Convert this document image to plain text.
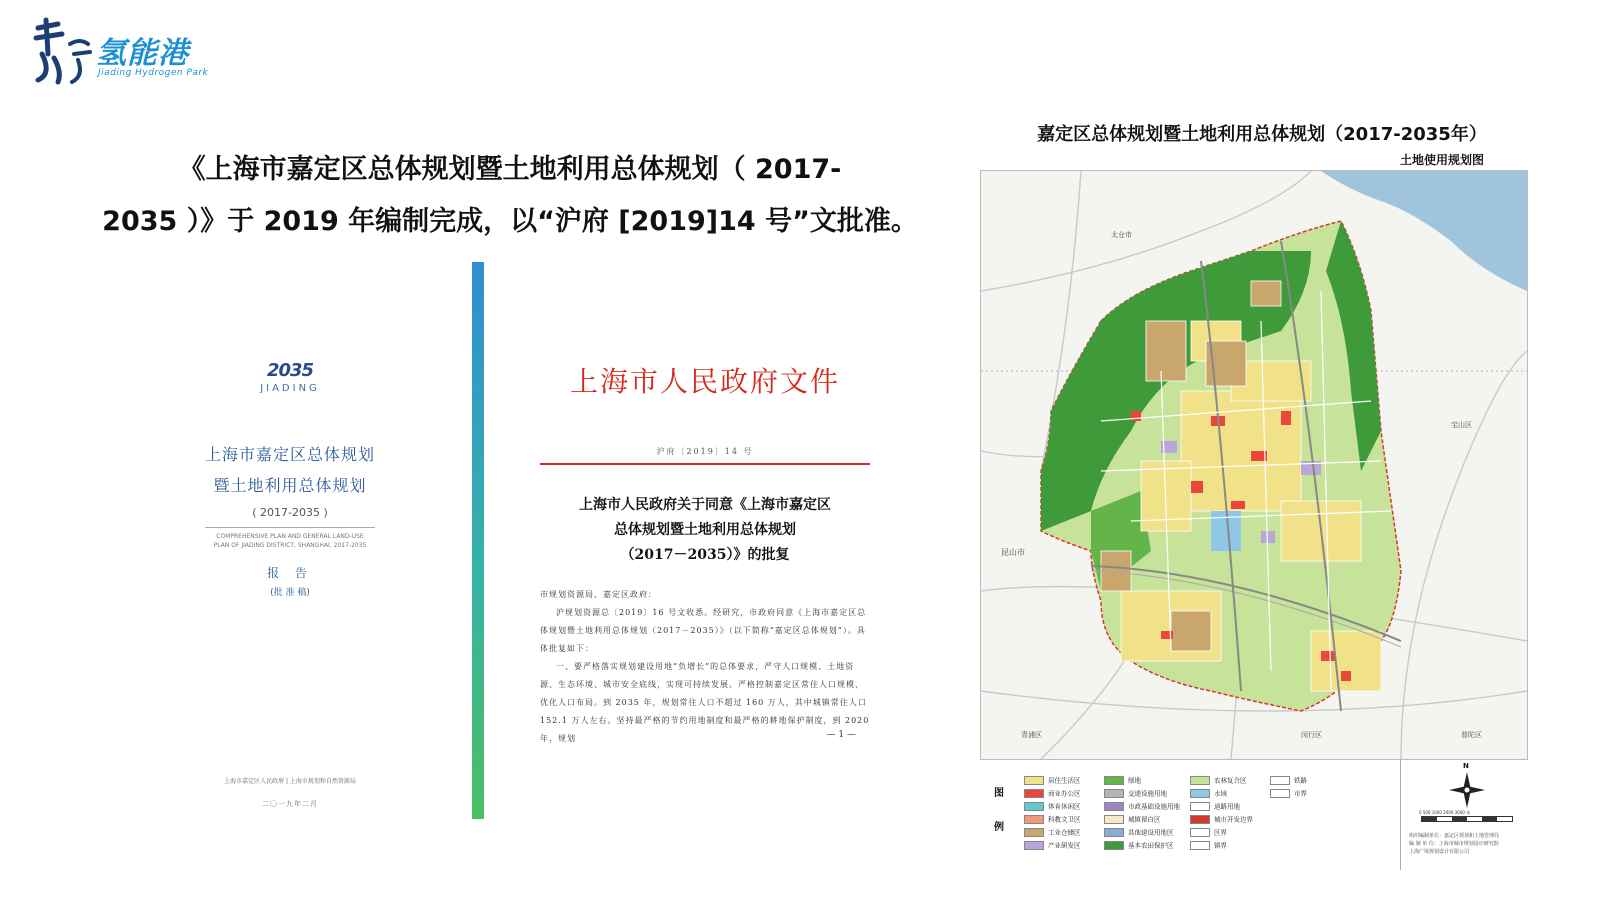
氢能港
Jiading Hydrogen Park
《上海市嘉定区总体规划暨土地利用总体规划（ 2017-
2035 ）》于 2019 年编制完成，以“沪府 [2019]14 号”文批准。
2035
JIADING
上海市嘉定区总体规划
暨土地利用总体规划
( 2017-2035 )
COMPREHENSIVE PLAN AND GENERAL LAND-USE PLAN OF JIADING DISTRICT, SHANGHAI, 2017-2035
报 告
(批 准 稿)
上海市嘉定区人民政府 | 上海市规划和自然资源局
二〇一九年二月
上海市人民政府文件
沪府〔2019〕14 号
上海市人民政府关于同意《上海市嘉定区
总体规划暨土地利用总体规划
（2017－2035）》的批复
市规划资源局、嘉定区政府：
沪规划资源总〔2019〕16 号文收悉。经研究，市政府同意《上海市嘉定区总体规划暨土地利用总体规划（2017－2035）》（以下简称“嘉定区总体规划”）。具体批复如下：
一、要严格落实规划建设用地“负增长”的总体要求，严守人口规模、土地资源、生态环境、城市安全底线，实现可持续发展。严格控制嘉定区常住人口规模，优化人口布局。到 2035 年，规划常住人口不超过 160 万人，其中城镇常住人口 152.1 万人左右。坚持最严格的节约用地制度和最严格的耕地保护制度，到 2020 年，规划	— 1 —
嘉定区总体规划暨土地利用总体规划（2017-2035年）
土地使用规划图
太仓市
昆山市
青浦区	闵行区	普陀区
宝山区
图
例
居住生活区
商业办公区
体育休闲区
科教文卫区
工业仓储区
产业研发区
绿地
交通设施用地
市政基础设施用地
城镇留白区
其他建设用地区
基本农田保护区
农林复合区
水域
道路用地
城市开发边界
区界
镇界
铁路
市界
N
0 500 1000 2000 3000 米
组织编制单位：嘉定区规划和土地管理局
编 制 单 位：上海市城市规划设计研究院
上海广境规划设计有限公司
